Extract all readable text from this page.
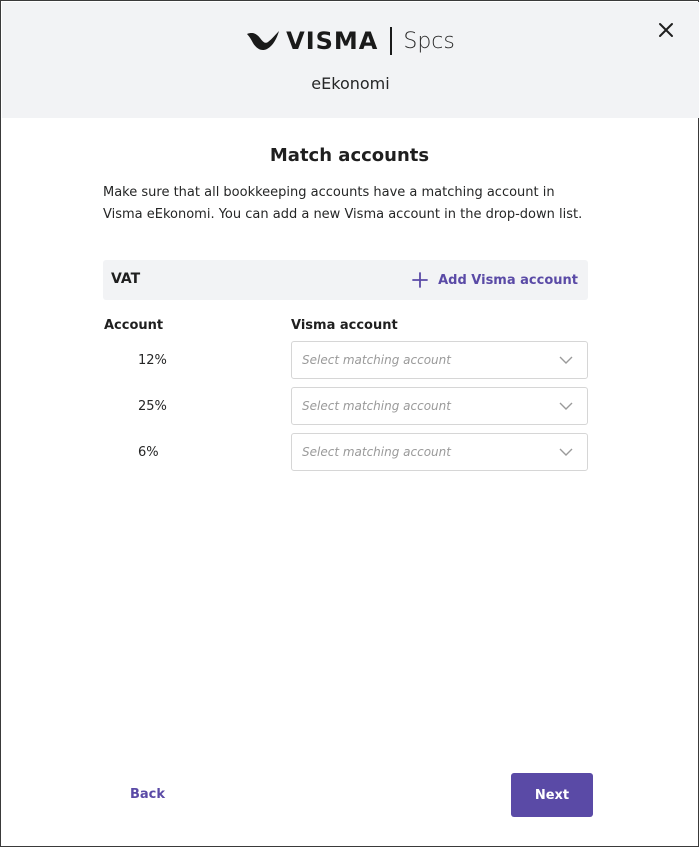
VISMA Spcs
eEkonomi
Match accounts
Make sure that all bookkeeping accounts have a matching account in Visma eEkonomi. You can add a new Visma account in the drop-down list.
VAT	Add Visma account
Account	Visma account
12%	Select matching account
25%	Select matching account
6%	Select matching account
Back	Next
